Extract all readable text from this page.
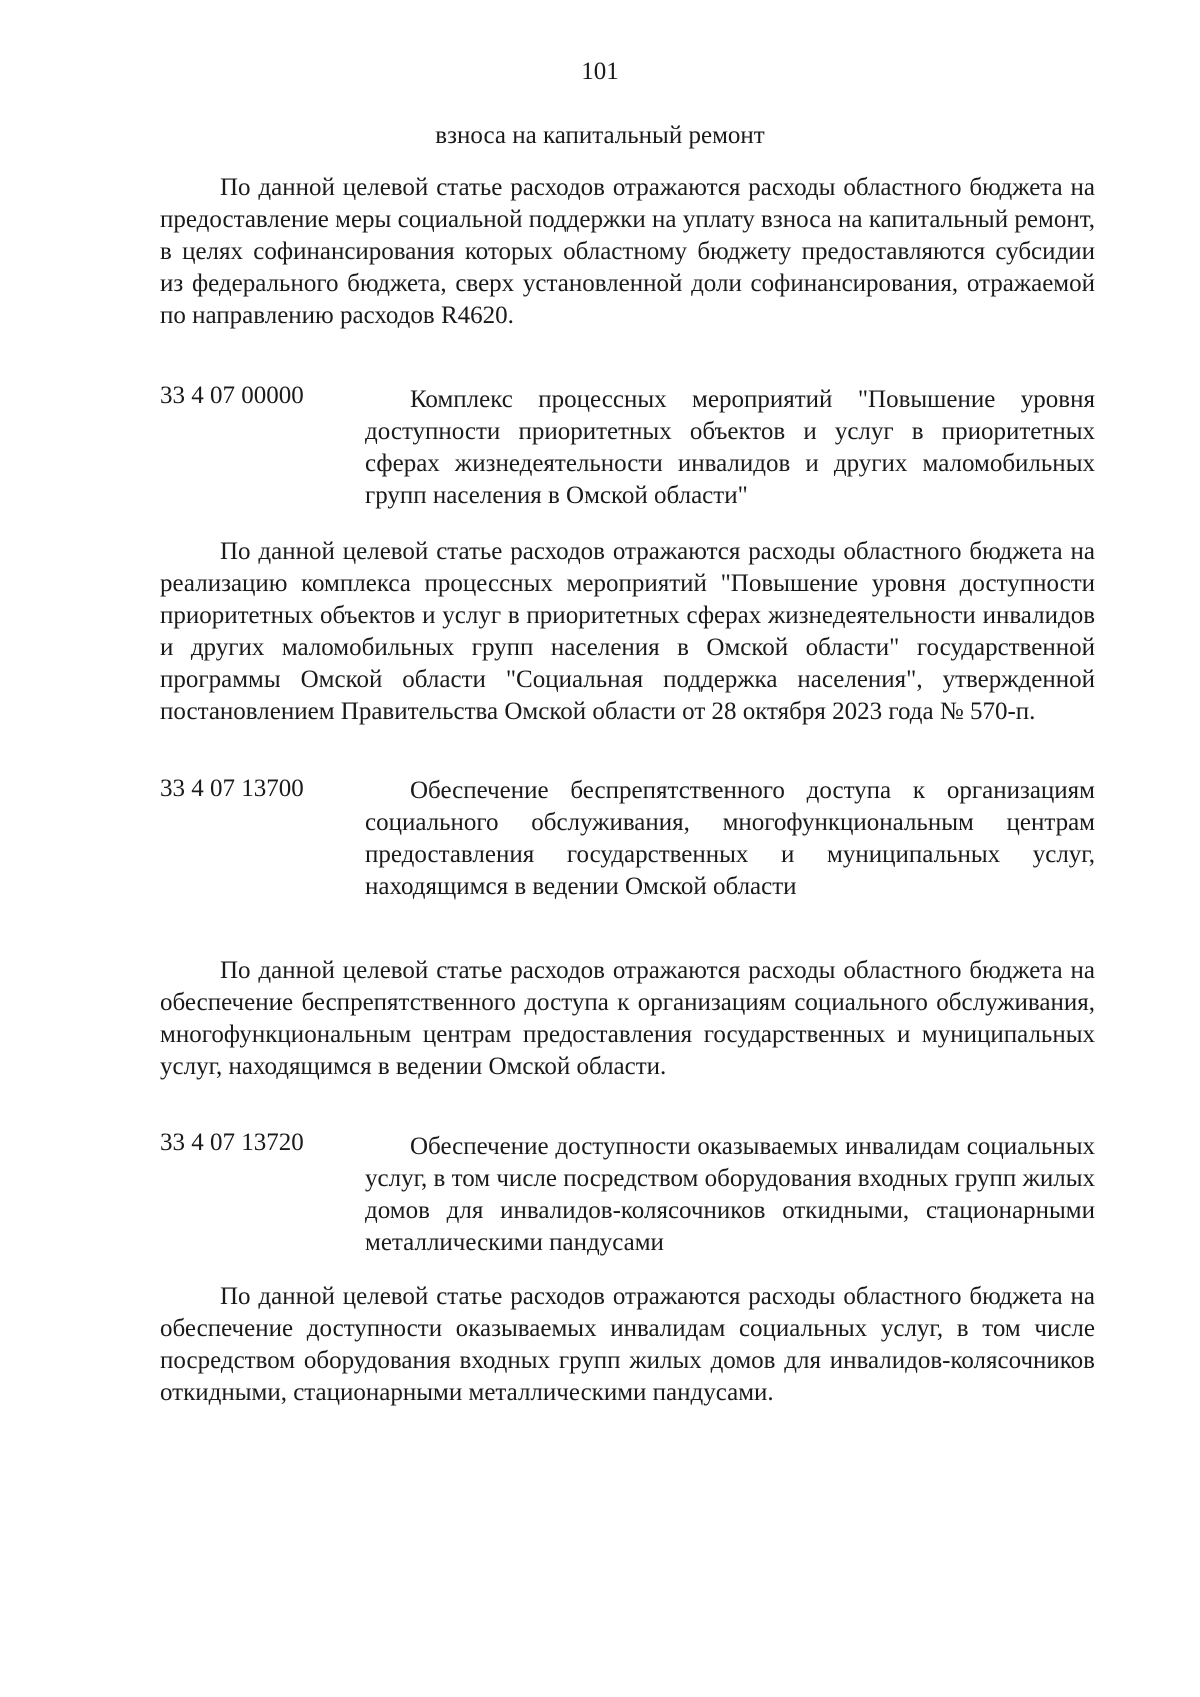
101
взноса на капитальный ремонт
По данной целевой статье расходов отражаются расходы областного бюджета на предоставление меры социальной поддержки на уплату взноса на капитальный ремонт, в целях софинансирования которых областному бюджету предоставляются субсидии из федерального бюджета, сверх установленной доли софинансирования, отражаемой по направлению расходов R4620.
33 4 07 00000	Комплекс процессных мероприятий "Повышение уровня доступности приоритетных объектов и услуг в приоритетных сферах жизнедеятельности инвалидов и других маломобильных групп населения в Омской области"
По данной целевой статье расходов отражаются расходы областного бюджета на реализацию комплекса процессных мероприятий "Повышение уровня доступности приоритетных объектов и услуг в приоритетных сферах жизнедеятельности инвалидов и других маломобильных групп населения в Омской области" государственной программы Омской области "Социальная поддержка населения", утвержденной постановлением Правительства Омской области от 28 октября 2023 года № 570-п.
33 4 07 13700	Обеспечение беспрепятственного доступа к организациям социального обслуживания, многофункциональным центрам предоставления государственных и муниципальных услуг, находящимся в ведении Омской области
По данной целевой статье расходов отражаются расходы областного бюджета на обеспечение беспрепятственного доступа к организациям социального обслуживания, многофункциональным центрам предоставления государственных и муниципальных услуг, находящимся в ведении Омской области.
33 4 07 13720	Обеспечение доступности оказываемых инвалидам социальных услуг, в том числе посредством оборудования входных групп жилых домов для инвалидов-колясочников откидными, стационарными металлическими пандусами
По данной целевой статье расходов отражаются расходы областного бюджета на обеспечение доступности оказываемых инвалидам социальных услуг, в том числе посредством оборудования входных групп жилых домов для инвалидов-колясочников откидными, стационарными металлическими пандусами.
